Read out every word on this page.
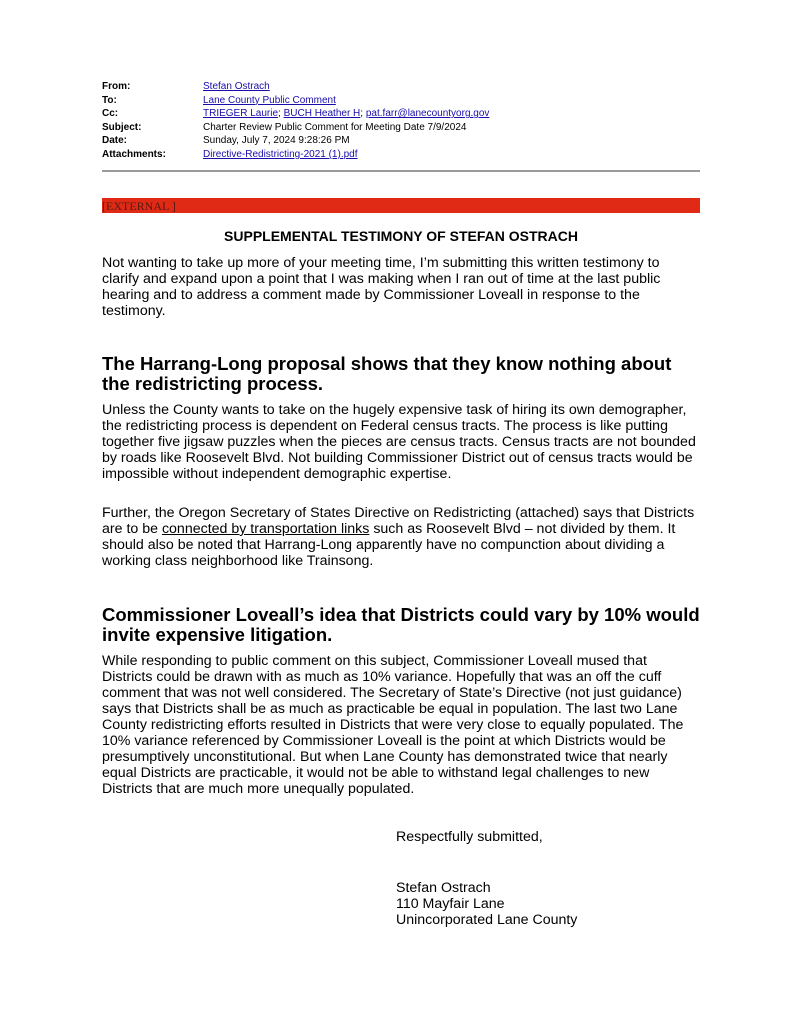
From:	Stefan Ostrach
To:	Lane County Public Comment
Cc:	TRIEGER Laurie; BUCH Heather H; pat.farr@lanecountyorg.gov
Subject:	Charter Review Public Comment for Meeting Date 7/9/2024
Date:	Sunday, July 7, 2024 9:28:26 PM
Attachments:	Directive-Redistricting-2021 (1).pdf
[EXTERNAL ]
SUPPLEMENTAL TESTIMONY OF STEFAN OSTRACH

Not wanting to take up more of your meeting time, I’m submitting this written testimony to clarify and expand upon a point that I was making when I ran out of time at the last public hearing and to address a comment made by Commissioner Loveall in response to the testimony.

The Harrang-Long proposal shows that they know nothing about the redistricting process.

Unless the County wants to take on the hugely expensive task of hiring its own demographer, the redistricting process is dependent on Federal census tracts. The process is like putting together five jigsaw puzzles when the pieces are census tracts. Census tracts are not bounded by roads like Roosevelt Blvd. Not building Commissioner District out of census tracts would be impossible without independent demographic expertise.

Further, the Oregon Secretary of States Directive on Redistricting (attached) says that Districts are to be connected by transportation links such as Roosevelt Blvd – not divided by them. It should also be noted that Harrang-Long apparently have no compunction about dividing a working class neighborhood like Trainsong.

Commissioner Loveall’s idea that Districts could vary by 10% would invite expensive litigation.

While responding to public comment on this subject, Commissioner Loveall mused that Districts could be drawn with as much as 10% variance. Hopefully that was an off the cuff comment that was not well considered. The Secretary of State’s Directive (not just guidance) says that Districts shall be as much as practicable be equal in population. The last two Lane County redistricting efforts resulted in Districts that were very close to equally populated. The 10% variance referenced by Commissioner Loveall is the point at which Districts would be presumptively unconstitutional. But when Lane County has demonstrated twice that nearly equal Districts are practicable, it would not be able to withstand legal challenges to new Districts that are much more unequally populated.

Respectfully submitted,
Stefan Ostrach
110 Mayfair Lane
Unincorporated Lane County
